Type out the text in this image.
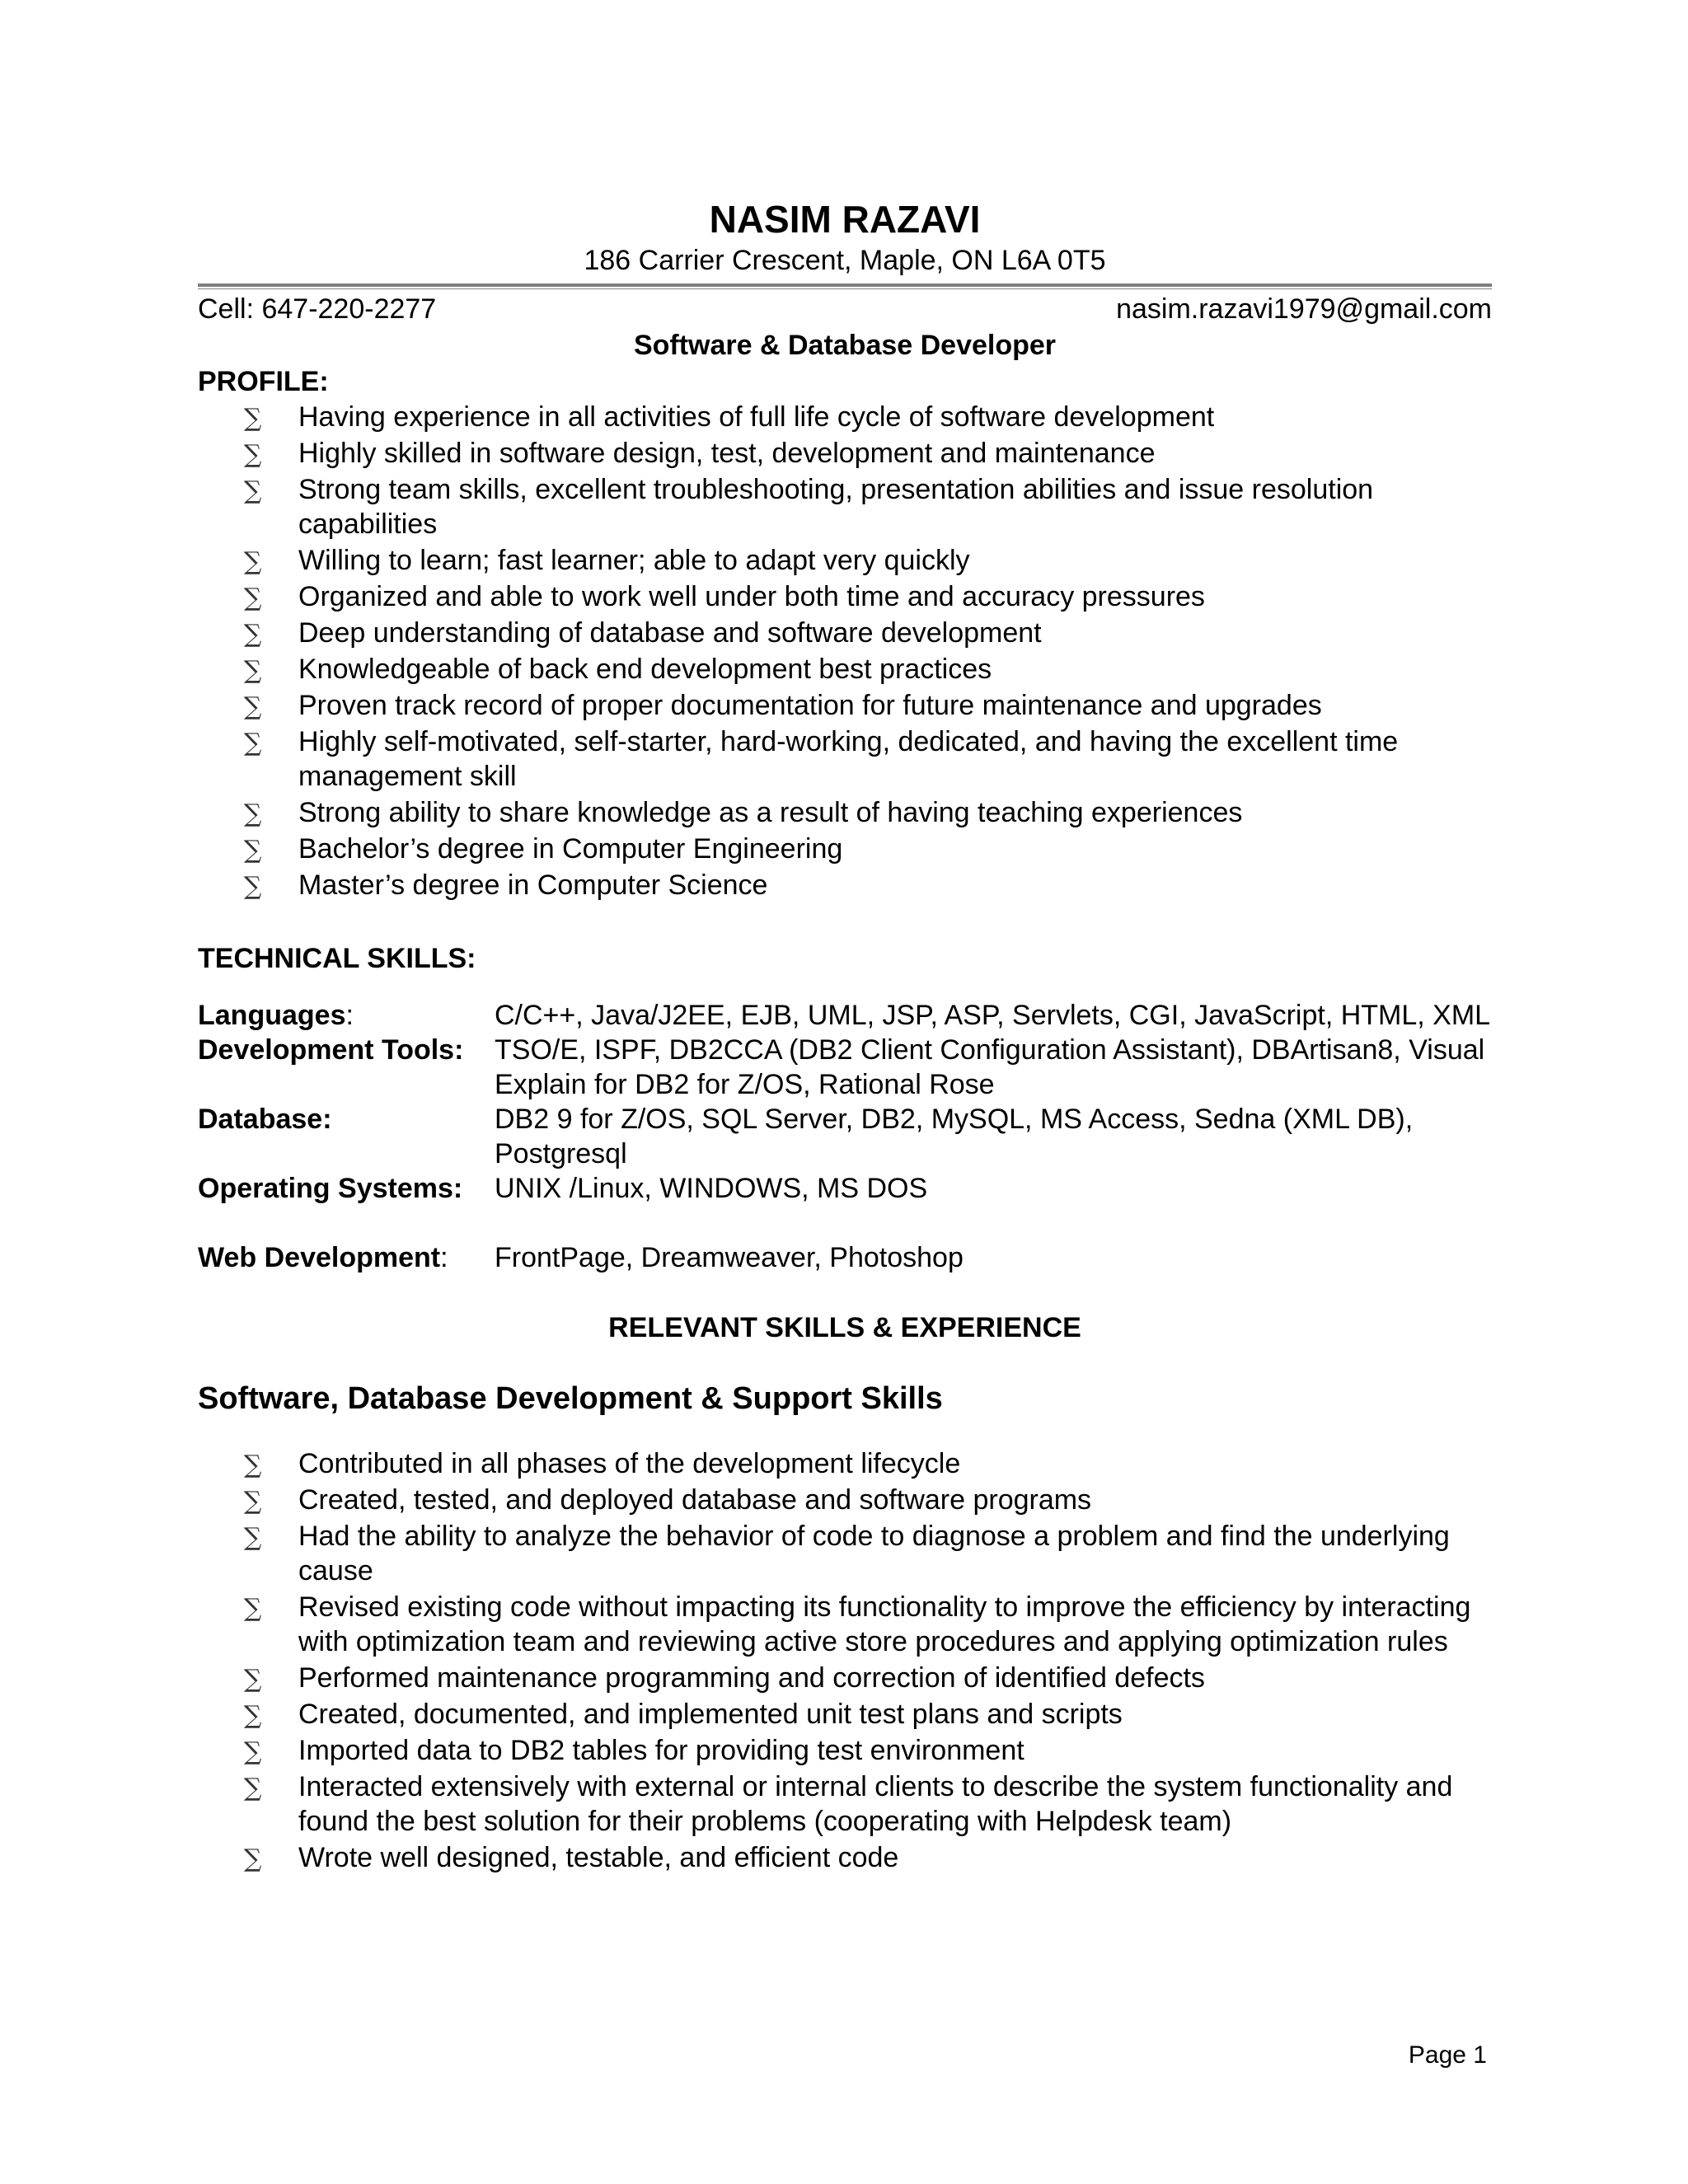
NASIM RAZAVI

186 Carrier Crescent, Maple, ON L6A 0T5

Cell: 647-220-2277	nasim.razavi1979@gmail.com
Software & Database Developer
PROFILE:
∑ Having experience in all activities of full life cycle of software development
∑ Highly skilled in software design, test, development and maintenance
∑ Strong team skills, excellent troubleshooting, presentation abilities and issue resolution capabilities
∑ Willing to learn; fast learner; able to adapt very quickly
∑ Organized and able to work well under both time and accuracy pressures
∑ Deep understanding of database and software development
∑ Knowledgeable of back end development best practices
∑ Proven track record of proper documentation for future maintenance and upgrades
∑ Highly self-motivated, self-starter, hard-working, dedicated, and having the excellent time management skill
∑ Strong ability to share knowledge as a result of having teaching experiences
∑ Bachelor’s degree in Computer Engineering
∑ Master’s degree in Computer Science
TECHNICAL SKILLS:
Languages:	C/C++, Java/J2EE, EJB, UML, JSP, ASP, Servlets, CGI, JavaScript, HTML, XML
Development Tools:	TSO/E, ISPF, DB2CCA (DB2 Client Configuration Assistant), DBArtisan8, Visual Explain for DB2 for Z/OS, Rational Rose
Database:	DB2 9 for Z/OS, SQL Server, DB2, MySQL, MS Access, Sedna (XML DB), Postgresql
Operating Systems:	UNIX /Linux, WINDOWS, MS DOS
Web Development:	FrontPage, Dreamweaver, Photoshop
RELEVANT SKILLS & EXPERIENCE
Software, Database Development & Support Skills
∑ Contributed in all phases of the development lifecycle
∑ Created, tested, and deployed database and software programs
∑ Had the ability to analyze the behavior of code to diagnose a problem and find the underlying cause
∑ Revised existing code without impacting its functionality to improve the efficiency by interacting with optimization team and reviewing active store procedures and applying optimization rules
∑ Performed maintenance programming and correction of identified defects
∑ Created, documented, and implemented unit test plans and scripts
∑ Imported data to DB2 tables for providing test environment
∑ Interacted extensively with external or internal clients to describe the system functionality and found the best solution for their problems (cooperating with Helpdesk team)
∑ Wrote well designed, testable, and efficient code
Page 1
